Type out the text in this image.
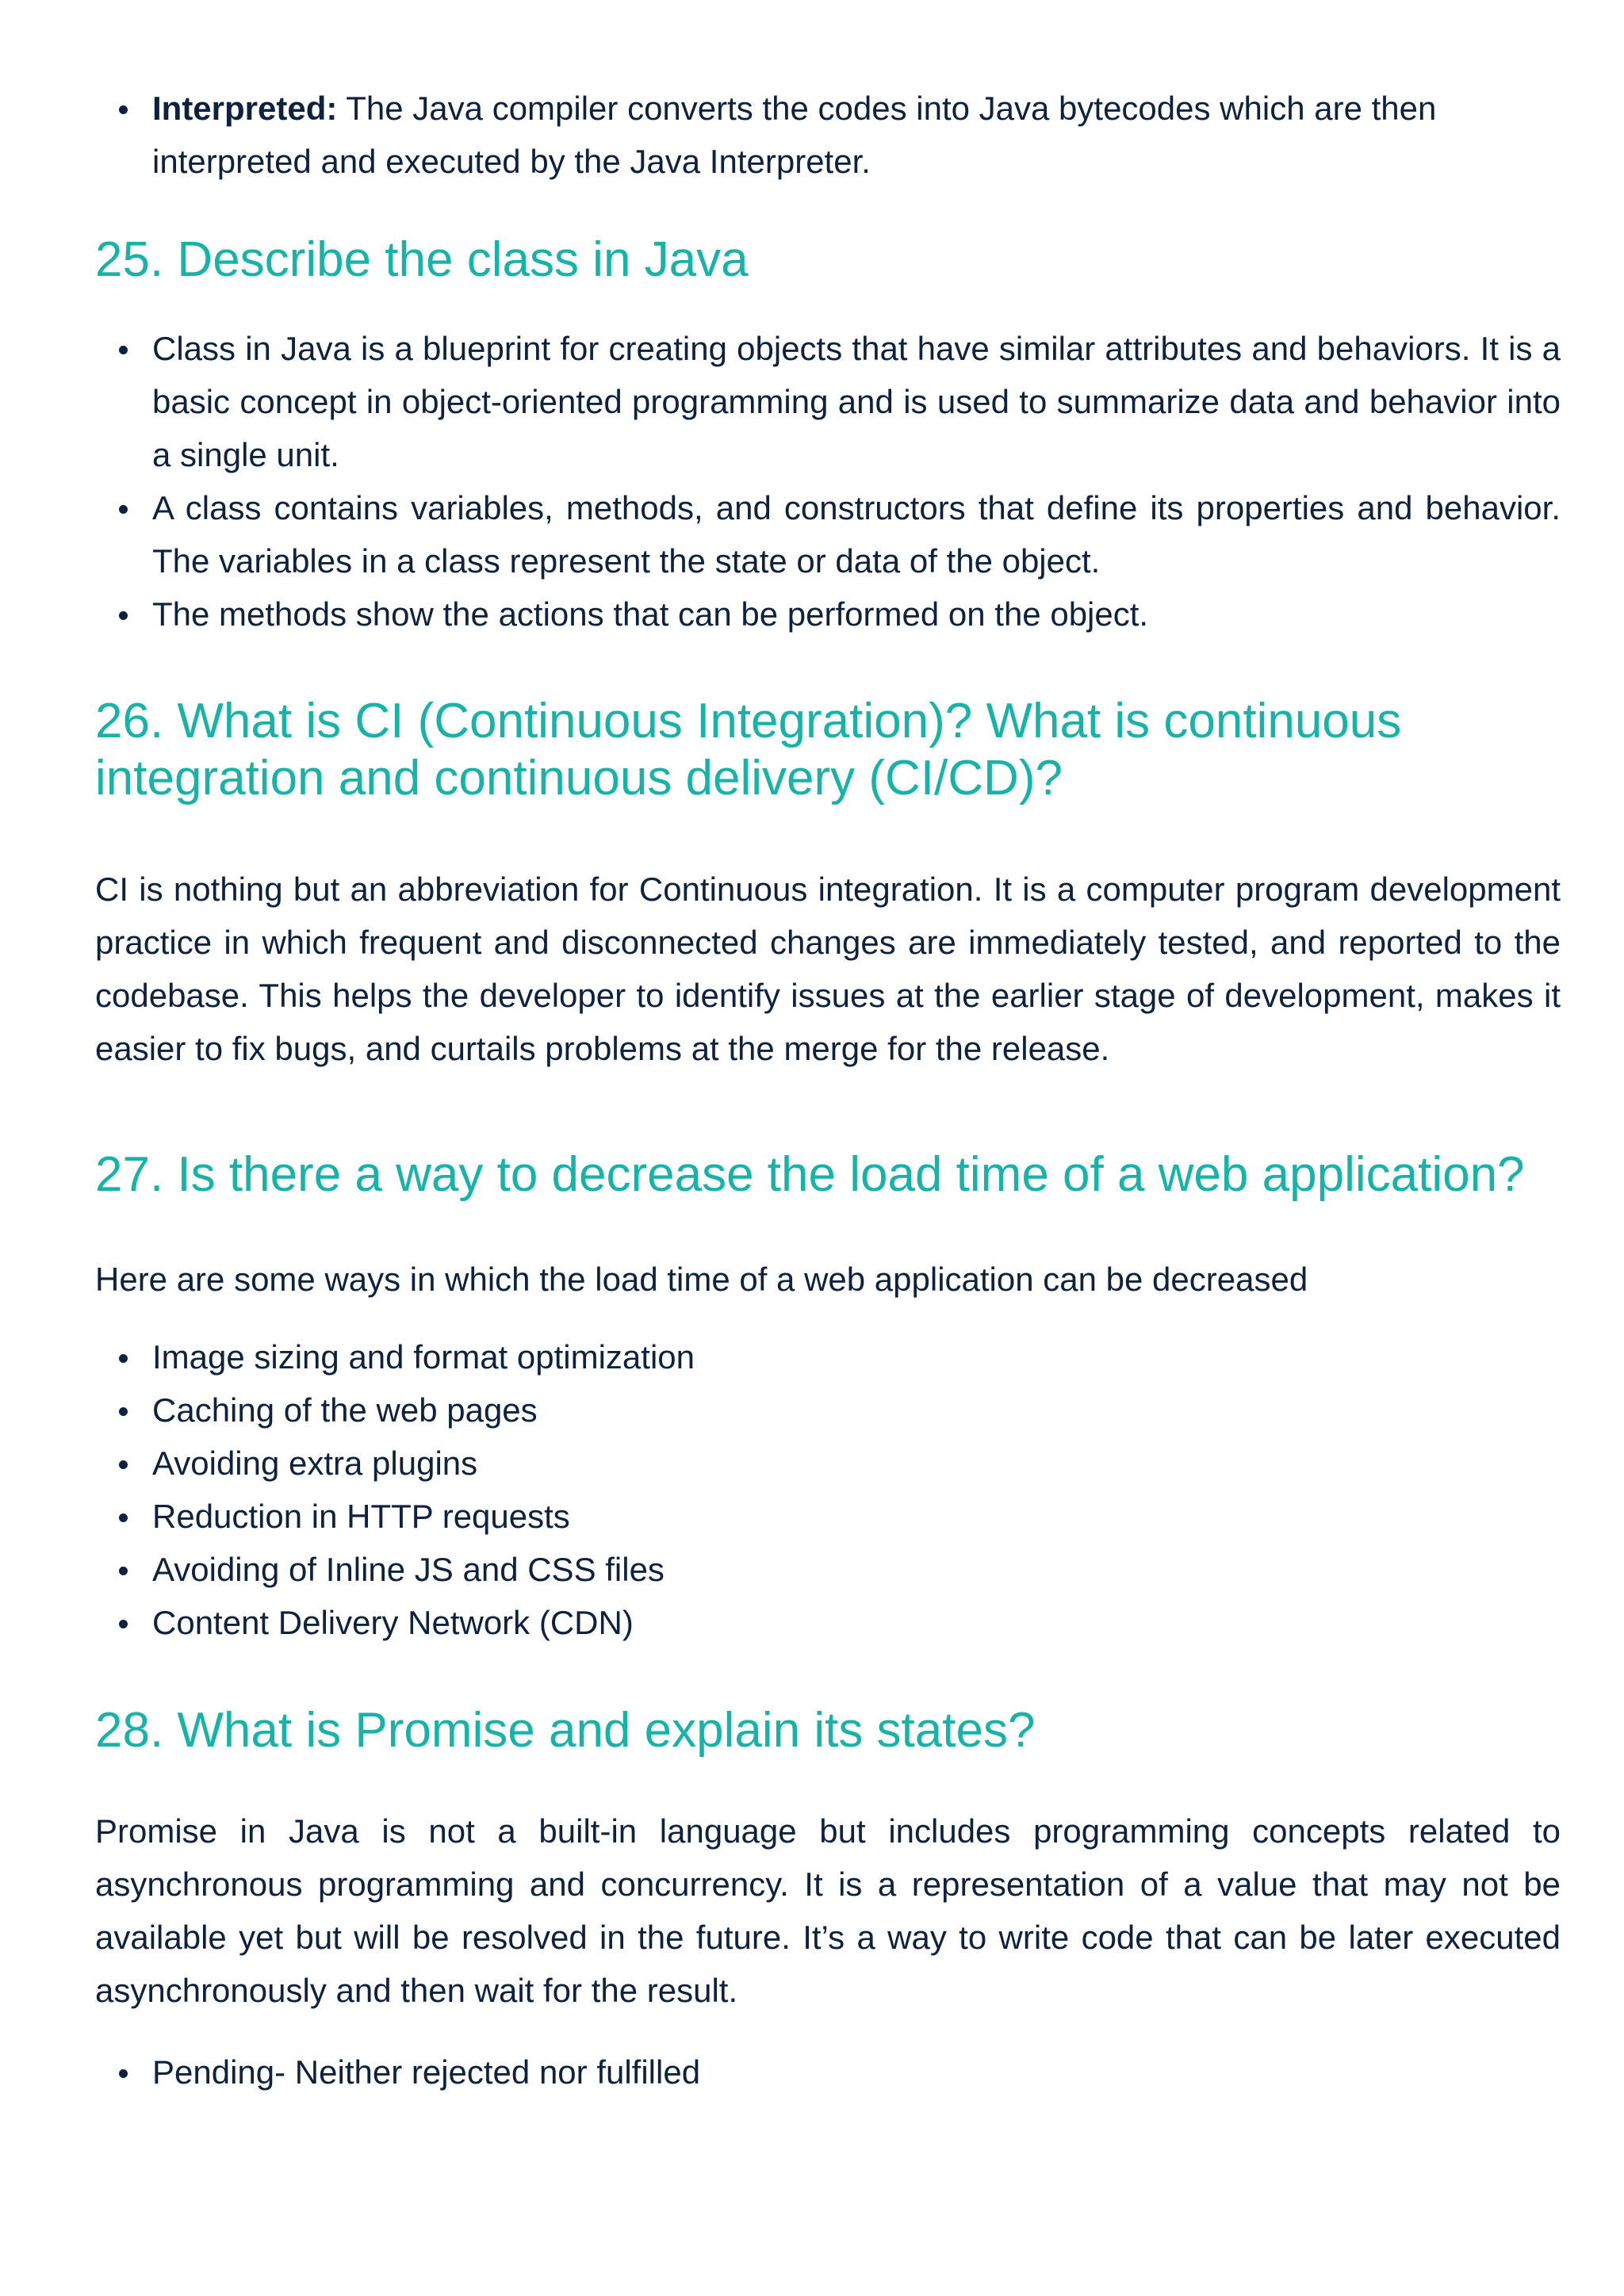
Interpreted: The Java compiler converts the codes into Java bytecodes which are then interpreted and executed by the Java Interpreter.
25. Describe the class in Java
Class in Java is a blueprint for creating objects that have similar attributes and behaviors. It is a basic concept in object-oriented programming and is used to summarize data and behavior into a single unit.
A class contains variables, methods, and constructors that define its properties and behavior. The variables in a class represent the state or data of the object.
The methods show the actions that can be performed on the object.
26. What is CI (Continuous Integration)? What is continuous integration and continuous delivery (CI/CD)?

CI is nothing but an abbreviation for Continuous integration. It is a computer program development practice in which frequent and disconnected changes are immediately tested, and reported to the codebase. This helps the developer to identify issues at the earlier stage of development, makes it easier to fix bugs, and curtails problems at the merge for the release.

27. Is there a way to decrease the load time of a web application?

Here are some ways in which the load time of a web application can be decreased

Image sizing and format optimization
Caching of the web pages
Avoiding extra plugins
Reduction in HTTP requests
Avoiding of Inline JS and CSS files
Content Delivery Network (CDN)
28. What is Promise and explain its states?

Promise in Java is not a built-in language but includes programming concepts related to asynchronous programming and concurrency. It is a representation of a value that may not be available yet but will be resolved in the future. It’s a way to write code that can be later executed asynchronously and then wait for the result.

Pending- Neither rejected nor fulfilled
